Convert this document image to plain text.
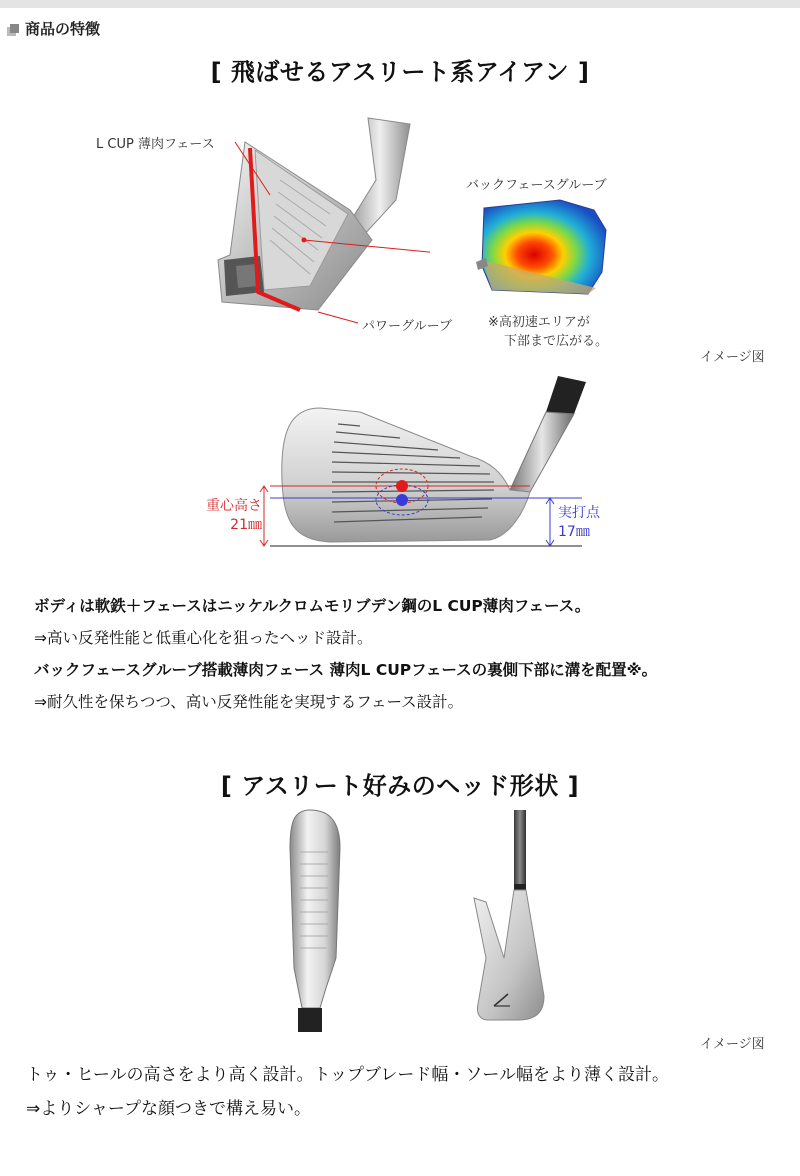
商品の特徴
[ 飛ばせるアスリート系アイアン ]
L CUP 薄肉フェース
バックフェースグルーブ
パワーグルーブ	※高初速エリアが
下部まで広がる。
イメージ図
重心高さ
21㎜
実打点
17㎜
ボディは軟鉄＋フェースはニッケルクロムモリブデン鋼のL CUP薄肉フェース。
⇒高い反発性能と低重心化を狙ったヘッド設計。
バックフェースグルーブ搭載薄肉フェース 薄肉L CUPフェースの裏側下部に溝を配置※。
⇒耐久性を保ちつつ、高い反発性能を実現するフェース設計。
[ アスリート好みのヘッド形状 ]
イメージ図
トゥ・ヒールの高さをより高く設計。トップブレード幅・ソール幅をより薄く設計。
⇒よりシャープな顔つきで構え易い。
